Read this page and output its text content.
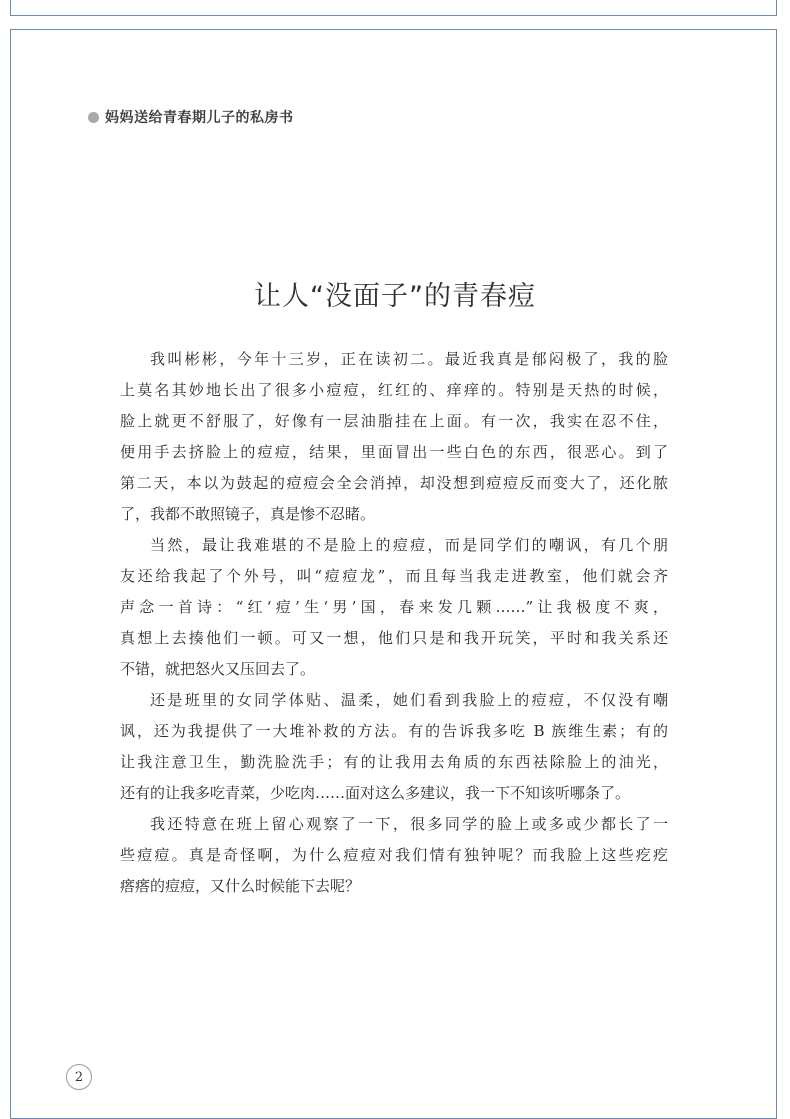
妈妈送给青春期儿子的私房书
让人“没面子”的青春痘
我叫彬彬，今年十三岁，正在读初二。最近我真是郁闷极了，我的脸
上莫名其妙地长出了很多小痘痘，红红的、痒痒的。特别是天热的时候，
脸上就更不舒服了，好像有一层油脂挂在上面。有一次，我实在忍不住，
便用手去挤脸上的痘痘，结果，里面冒出一些白色的东西，很恶心。到了
第二天，本以为鼓起的痘痘会全会消掉，却没想到痘痘反而变大了，还化脓
了，我都不敢照镜子，真是惨不忍睹。
当然，最让我难堪的不是脸上的痘痘，而是同学们的嘲讽，有几个朋
友还给我起了个外号，叫“痘痘龙”，而且每当我走进教室，他们就会齐
声念一首诗：“红‘痘’生‘男’国，春来发几颗……”让我极度不爽，
真想上去揍他们一顿。可又一想，他们只是和我开玩笑，平时和我关系还
不错，就把怒火又压回去了。
还是班里的女同学体贴、温柔，她们看到我脸上的痘痘，不仅没有嘲
讽，还为我提供了一大堆补救的方法。有的告诉我多吃 B 族维生素；有的
让我注意卫生，勤洗脸洗手；有的让我用去角质的东西祛除脸上的油光，
还有的让我多吃青菜，少吃肉……面对这么多建议，我一下不知该听哪条了。
我还特意在班上留心观察了一下，很多同学的脸上或多或少都长了一
些痘痘。真是奇怪啊，为什么痘痘对我们情有独钟呢？而我脸上这些疙疙
瘩瘩的痘痘，又什么时候能下去呢？
2
